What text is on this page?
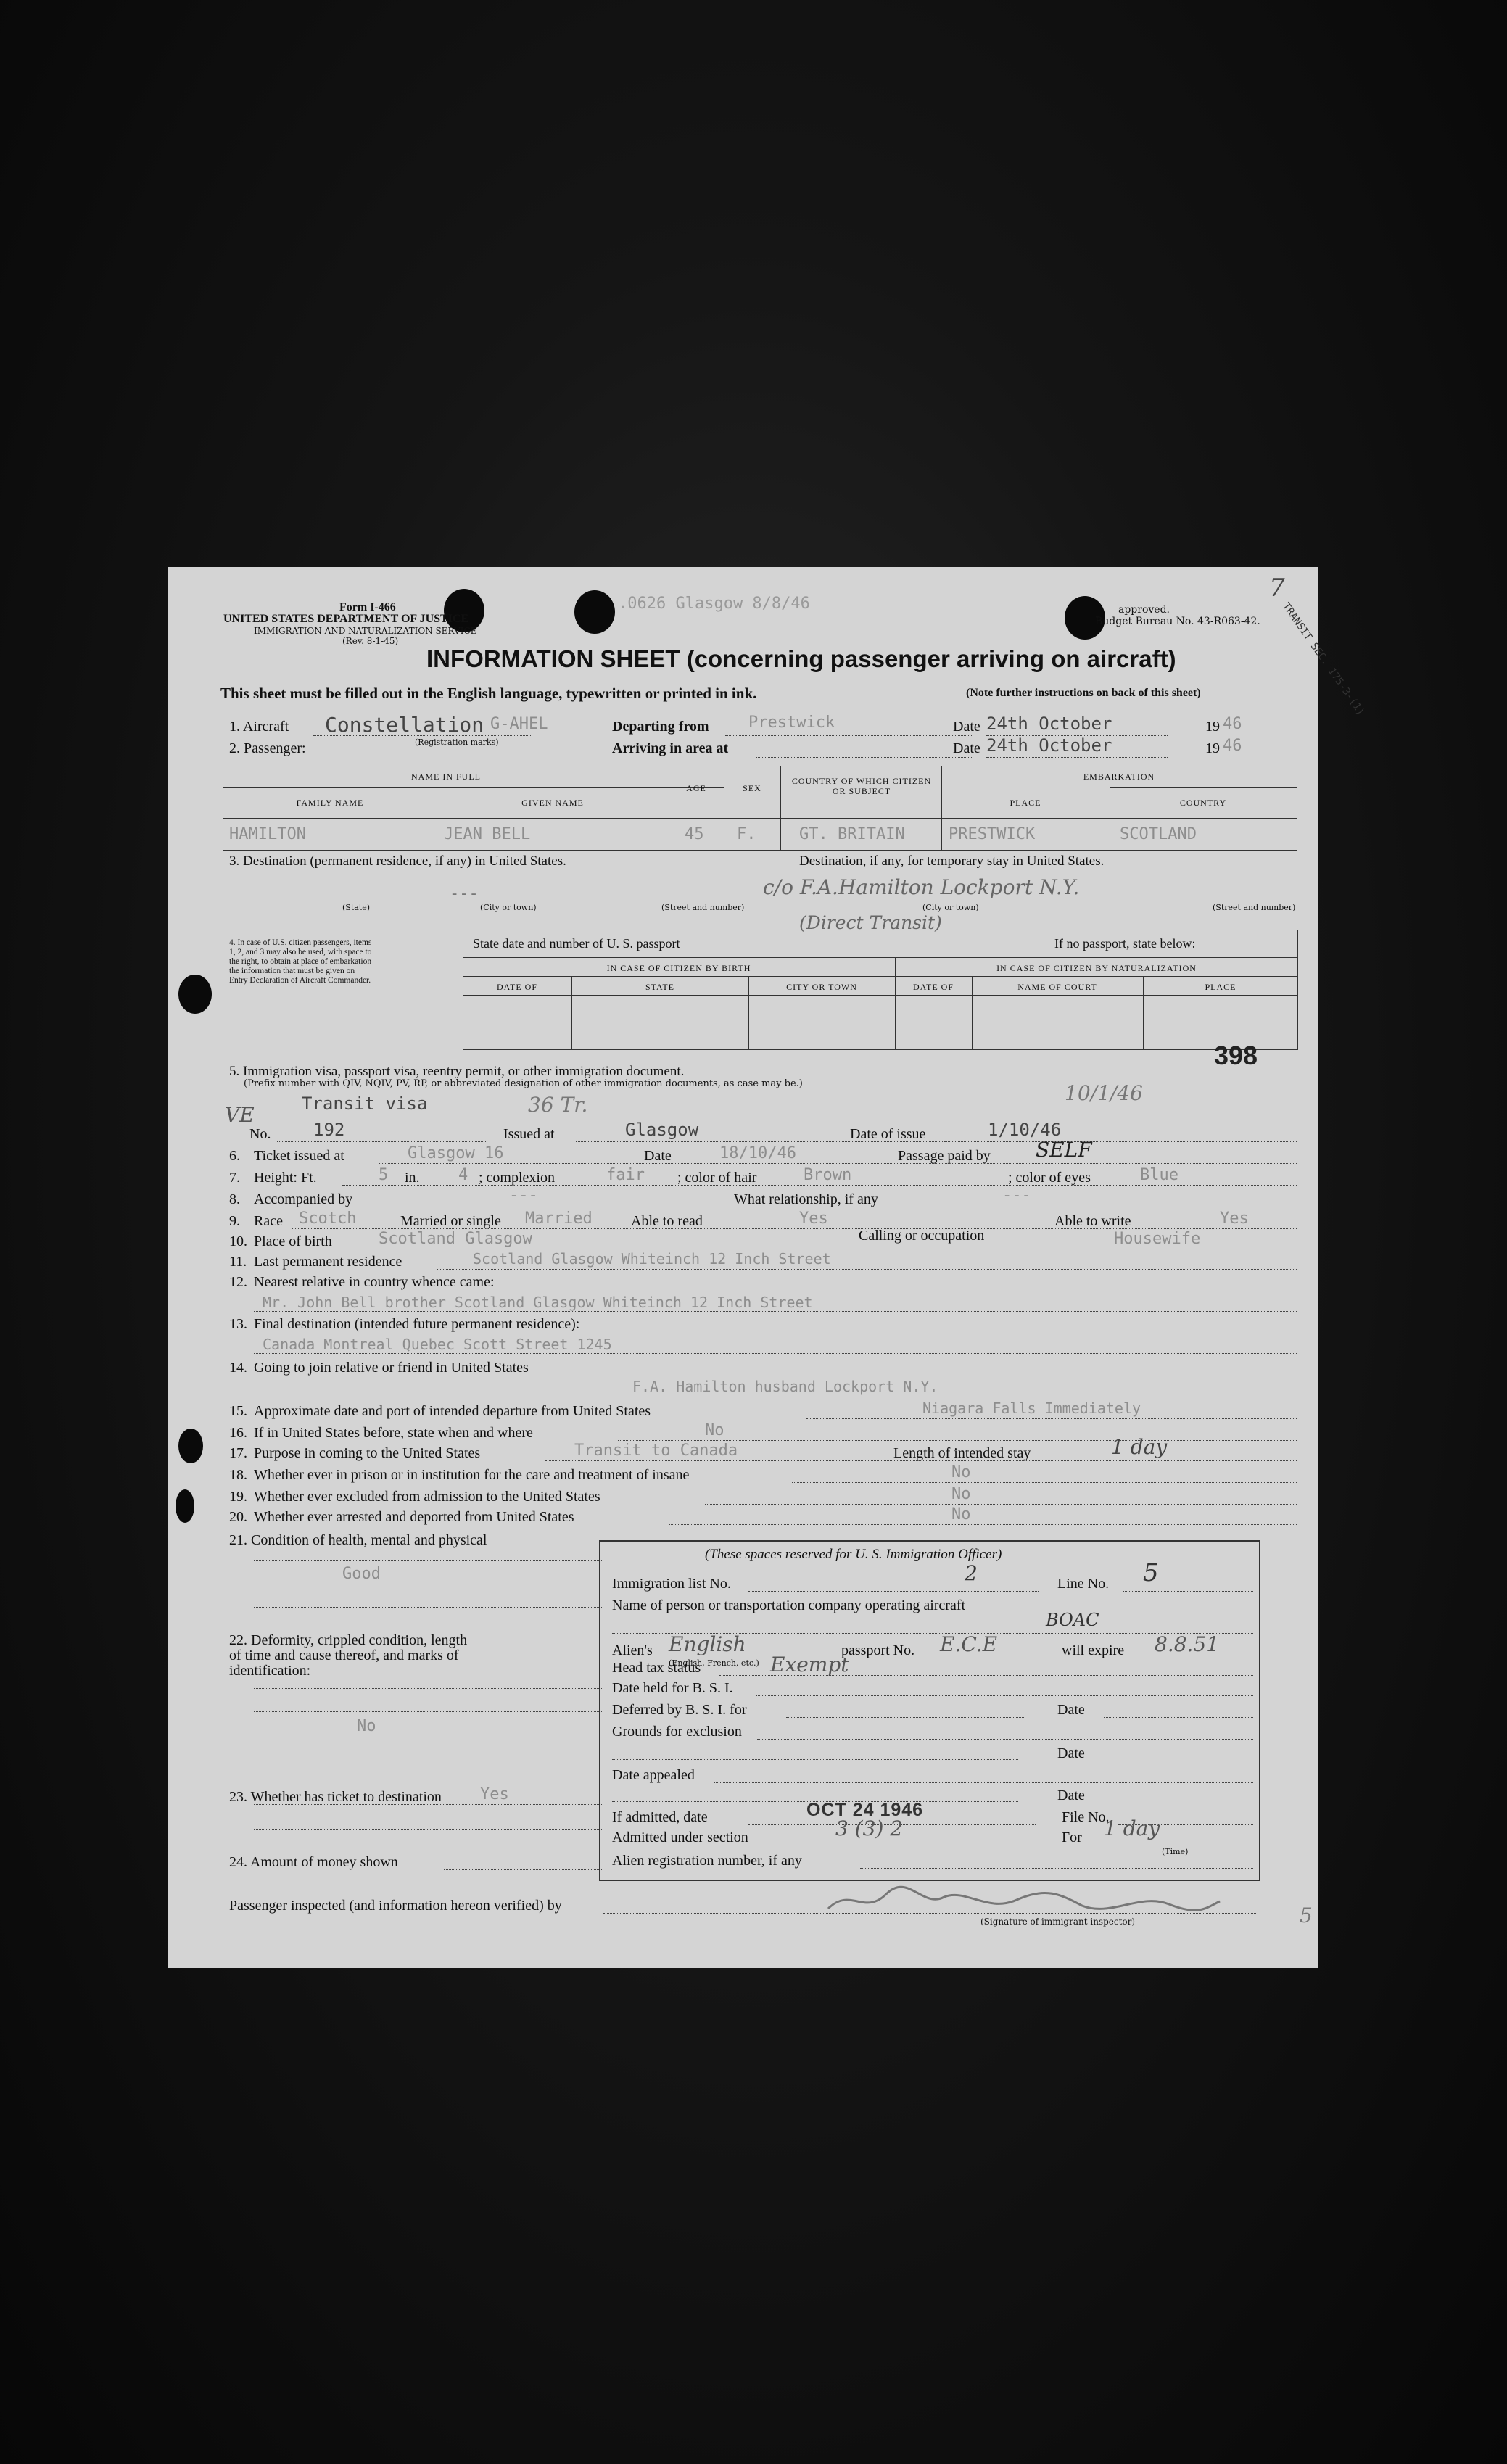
Form I-466
UNITED STATES DEPARTMENT OF JUSTICE
IMMIGRATION AND NATURALIZATION SERVICE
(Rev. 8-1-45)
.0626 Glasgow 8/8/46	approved.
Budget Bureau No. 43-R063-42.
7
TRANSIT SEC. 175-3-(1)
INFORMATION SHEET (concerning passenger arriving on aircraft)
This sheet must be filled out in the English language, typewritten or printed in ink.	(Note further instructions on back of this sheet)
1. Aircraft Constellation G-AHEL
(Registration marks)
Departing from Prestwick	Date 24th October	19 46
2. Passenger:	Arriving in area at	Date 24th October	19 46
NAME IN FULL
FAMILY NAME	GIVEN NAME
AGE	SEX
COUNTRY OF WHICH CITIZEN OR SUBJECT
EMBARKATION
PLACE	COUNTRY
HAMILTON	JEAN BELL	45 F.	GT. BRITAIN	PRESTWICK	SCOTLAND
3. Destination (permanent residence, if any) in United States.	Destination, if any, for temporary stay in United States.
---	c/o F.A.Hamilton Lockport N.Y.
(Direct Transit)
(State)	(City or town)	(Street and number)	(City or town)	(Street and number)
4. In case of U.S. citizen passengers, items 1, 2, and 3 may also be used, with space to the right, to obtain at place of embarkation the information that must be given on Entry Declaration of Aircraft Commander.
State date and number of U. S. passport	If no passport, state below:
IN CASE OF CITIZEN BY BIRTH	IN CASE OF CITIZEN BY NATURALIZATION
DATE OF	STATE	CITY OR TOWN	DATE OF	NAME OF COURT	PLACE
398
5. Immigration visa, passport visa, reentry permit, or other immigration document.
(Prefix number with QIV, NQIV, PV, RP, or abbreviated designation of other immigration documents, as case may be.)
VE	Transit visa	36 Tr.	10/1/46
No. 192	Issued at	Glasgow	Date of issue	1/10/46
6. Ticket issued at	Glasgow 16	Date	18/10/46	Passage paid by SELF
7. Height: Ft.	5 in. 4 ; complexion	fair ; color of hair	Brown	; color of eyes	Blue
8. Accompanied by	---	What relationship, if any	---
9. Race Scotch	Married or single Married	Able to read	Yes	Able to write	Yes
10. Place of birth	Scotland Glasgow	Calling or occupation	Housewife
11. Last permanent residence	Scotland Glasgow Whiteinch 12 Inch Street
12. Nearest relative in country whence came:
Mr. John Bell brother Scotland Glasgow Whiteinch 12 Inch Street
13. Final destination (intended future permanent residence):
Canada Montreal Quebec Scott Street 1245
14. Going to join relative or friend in United States
F.A. Hamilton husband Lockport N.Y.
15. Approximate date and port of intended departure from United States	Niagara Falls Immediately
16. If in United States before, state when and where	No
17. Purpose in coming to the United States	Transit to Canada	Length of intended stay	1 day
18. Whether ever in prison or in institution for the care and treatment of insane	No
19. Whether ever excluded from admission to the United States	No
20. Whether ever arrested and deported from United States	No
21. Condition of health, mental and physical
Good
22. Deformity, crippled condition, length of time and cause thereof, and marks of identification:
No
23. Whether has ticket to destination Yes
24. Amount of money shown
(These spaces reserved for U. S. Immigration Officer)
Immigration list No.	2	Line No. 5
Name of person or transportation company operating aircraft
BOAC
Alien's English
(English, French, etc.)
passport No. E.C.E	will expire 8.8.51
Head tax status	Exempt
Date held for B. S. I.
Deferred by B. S. I. for	Date
Grounds for exclusion
Date
Date appealed
Date
If admitted, date	OCT 24 1946	File No.
Admitted under section	3 (3) 2	For 1 day
(Time)
Alien registration number, if any
Passenger inspected (and information hereon verified) by
(Signature of immigrant inspector)	5
